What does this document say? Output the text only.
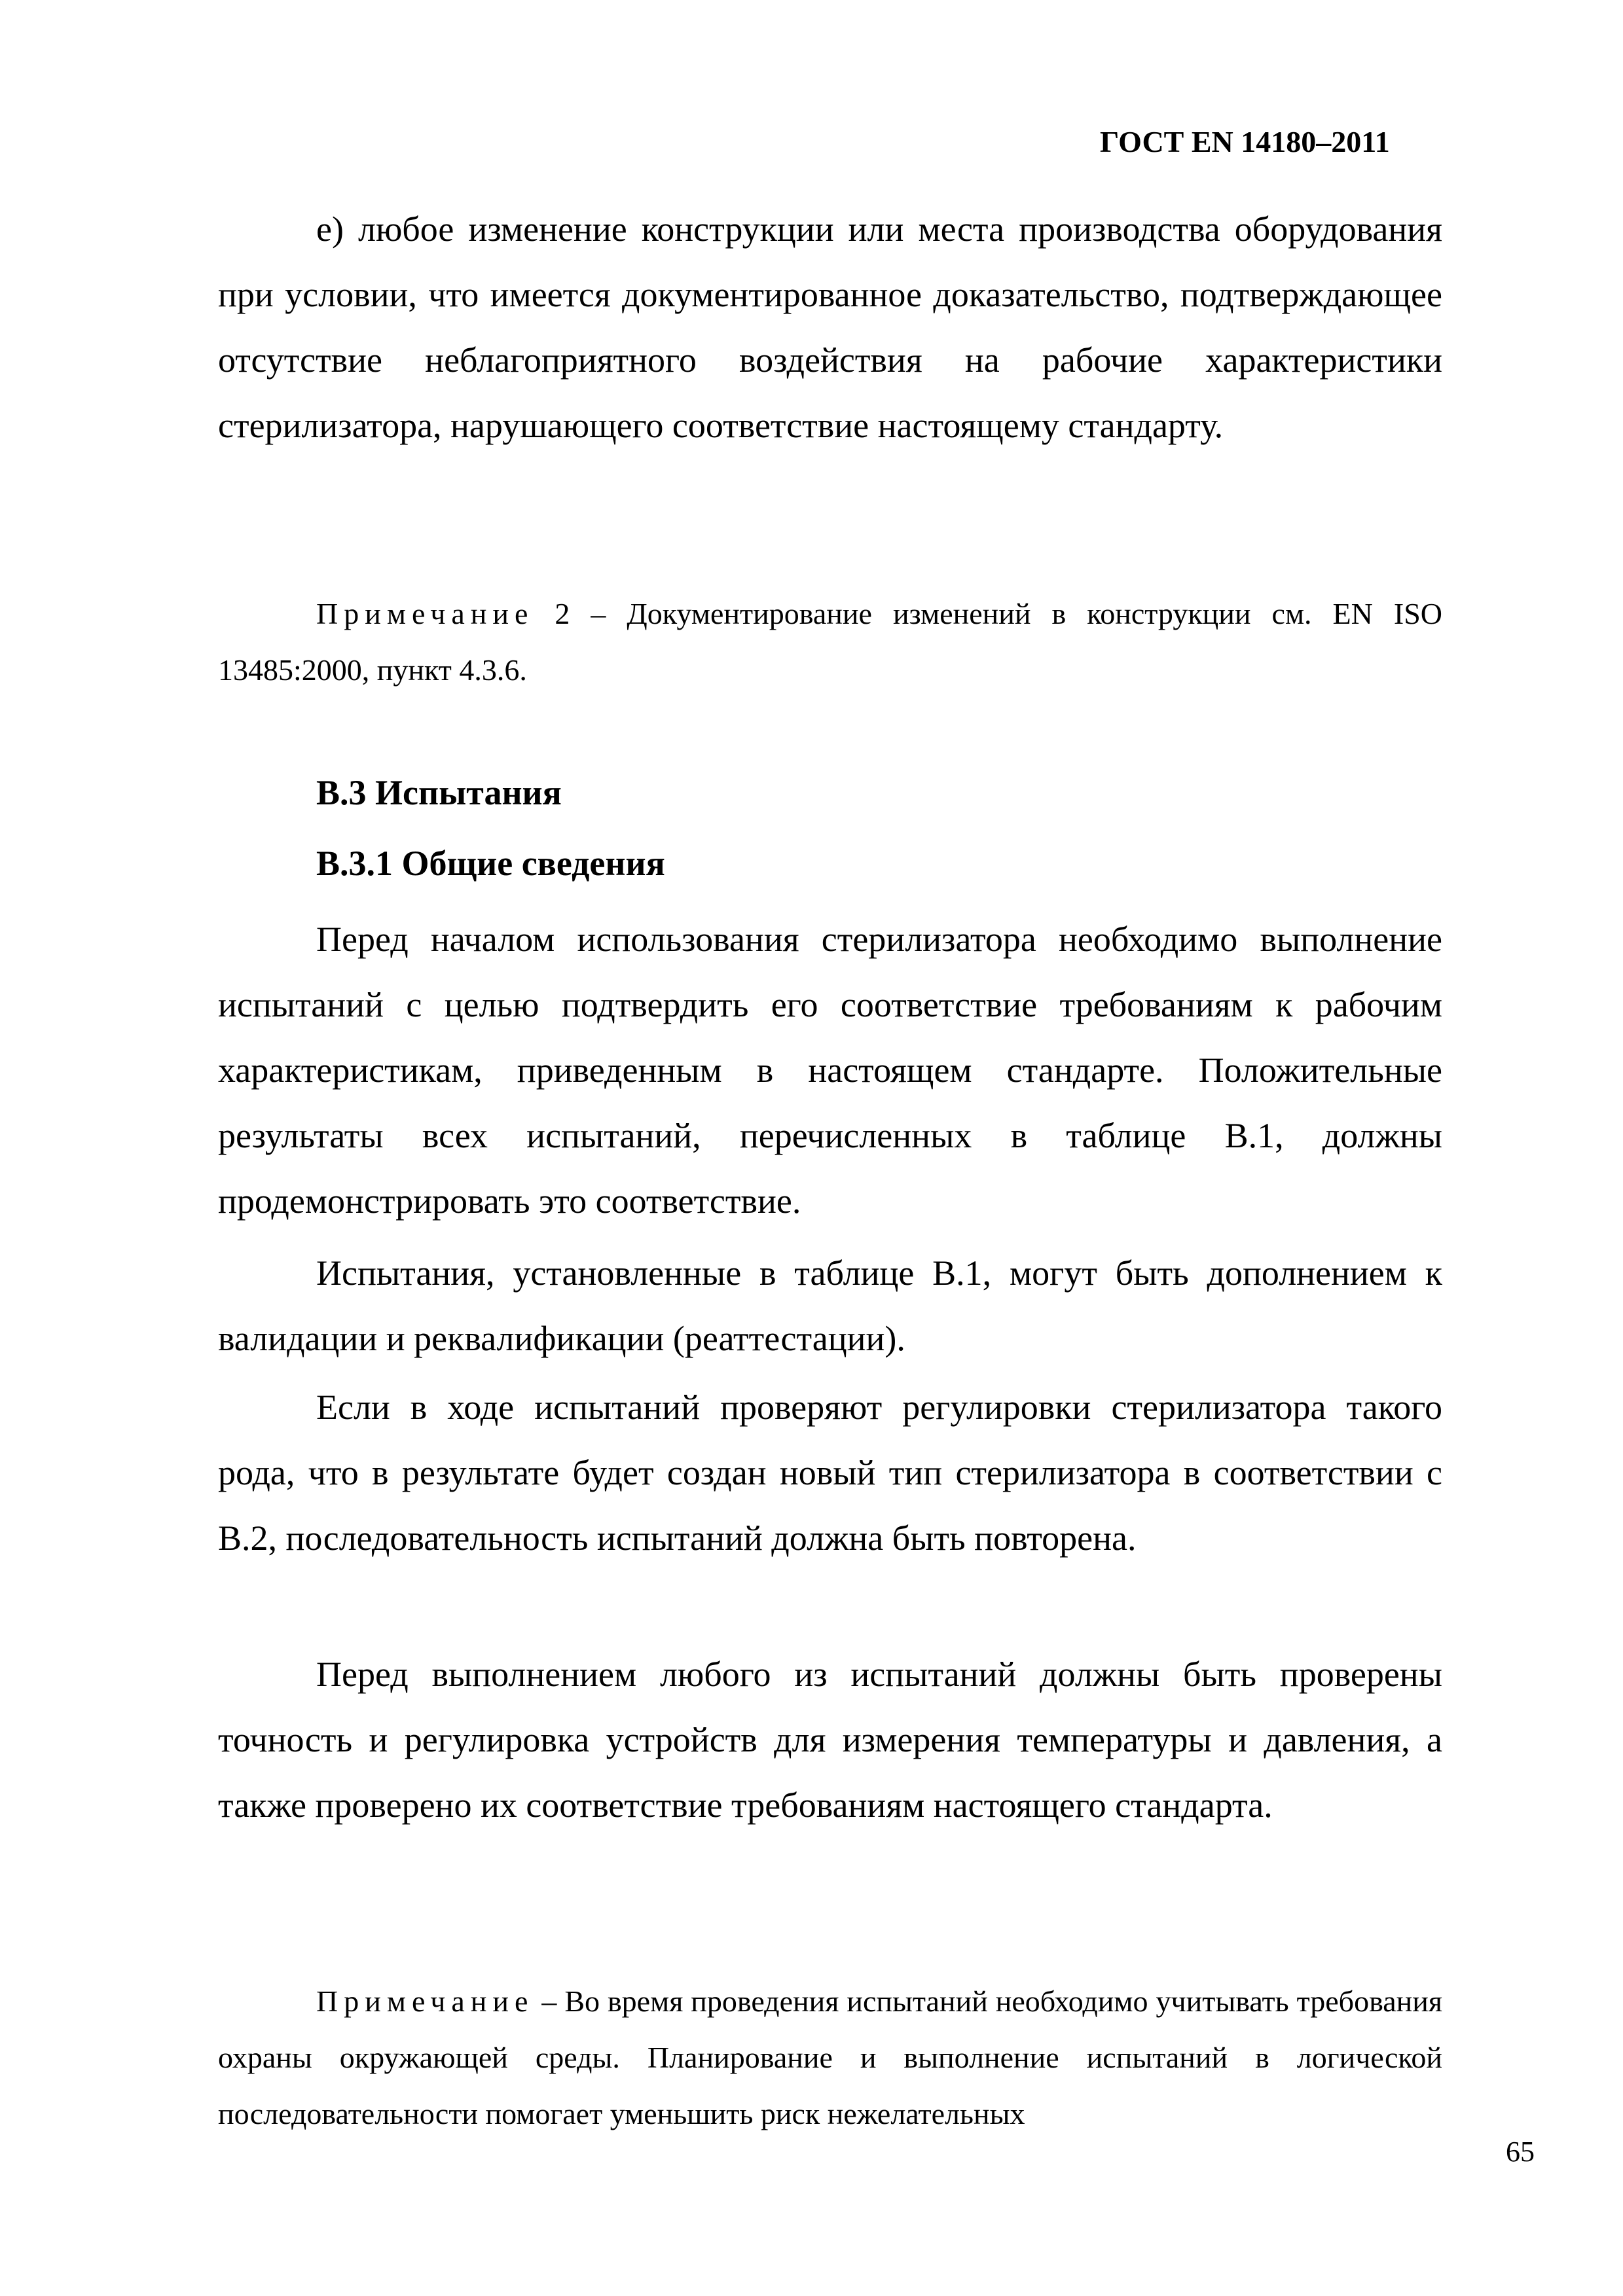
ГОСТ EN 14180–2011

е) любое изменение конструкции или места производства оборудования при условии, что имеется документированное доказательство, подтверждающее отсутствие неблагоприятного воздействия на рабочие характеристики стерилизатора, нарушающего соответствие настоящему стандарту.

Примечание 2 – Документирование изменений в конструкции см. EN ISO 13485:2000, пункт 4.3.6.

B.3 Испытания
B.3.1 Общие сведения

Перед началом использования стерилизатора необходимо выполнение испытаний с целью подтвердить его соответствие требованиям к рабочим характеристикам, приведенным в настоящем стандарте. Положительные результаты всех испытаний, перечисленных в таблице B.1, должны продемонстрировать это соответствие.

Испытания, установленные в таблице B.1, могут быть дополнением к валидации и реквалификации (реаттестации).

Если в ходе испытаний проверяют регулировки стерилизатора такого рода, что в результате будет создан новый тип стерилизатора в соответствии с B.2, последовательность испытаний должна быть повторена.

Перед выполнением любого из испытаний должны быть проверены точность и регулировка устройств для измерения температуры и давления, а также проверено их соответствие требованиям настоящего стандарта.

Примечание – Во время проведения испытаний необходимо учитывать требования охраны окружающей среды. Планирование и выполнение испытаний в логической последовательности помогает уменьшить риск нежелательных

65
